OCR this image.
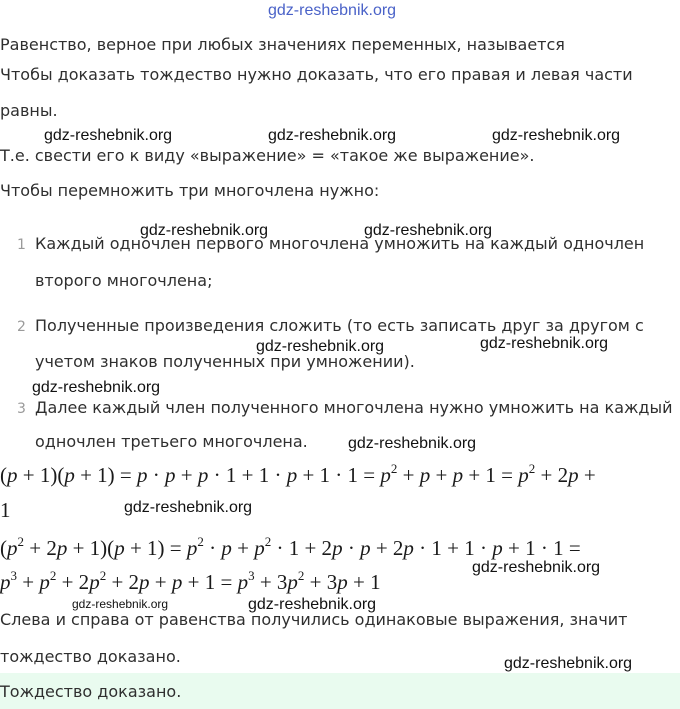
gdz-reshebnik.org
Равенство, верное при любых значениях переменных, называется
Чтобы доказать тождество нужно доказать, что его правая и левая части
равны.
gdz-reshebnik.org	gdz-reshebnik.org	gdz-reshebnik.org
Т.е. свести его к виду «выражение» = «такое же выражение».
Чтобы перемножить три многочлена нужно:
gdz-reshebnik.org	gdz-reshebnik.org
1 Каждый одночлен первого многочлена умножить на каждый одночлен
второго многочлена;
2 Полученные произведения сложить (то есть записать друг за другом с
учетом знаков полученных при умножении).
gdz-reshebnik.org	gdz-reshebnik.org
gdz-reshebnik.org
3 Далее каждый член полученного многочлена нужно умножить на каждый
одночлен третьего многочлена.	gdz-reshebnik.org
$(p + 1)(p + 1) = p \cdot p + p \cdot 1 + 1 \cdot p + 1 \cdot 1 = p^2 + p + p + 1 = p^2 + 2p$ +
1	gdz-reshebnik.org
$(p^2 + 2p + 1)(p + 1) = p^2 \cdot p + p^2 \cdot 1 + 2p \cdot p + 2p \cdot 1 + 1 \cdot p + 1 \cdot 1$ =
$p^3 + p^2 + 2p^2 + 2p + p + 1 = p^3 + 3p^2 + 3p + 1$
gdz-reshebnik.org
gdz-reshebnik.org	gdz-reshebnik.org
Слева и справа от равенства получились одинаковые выражения, значит
тождество доказано.	gdz-reshebnik.org
Тождество доказано.
